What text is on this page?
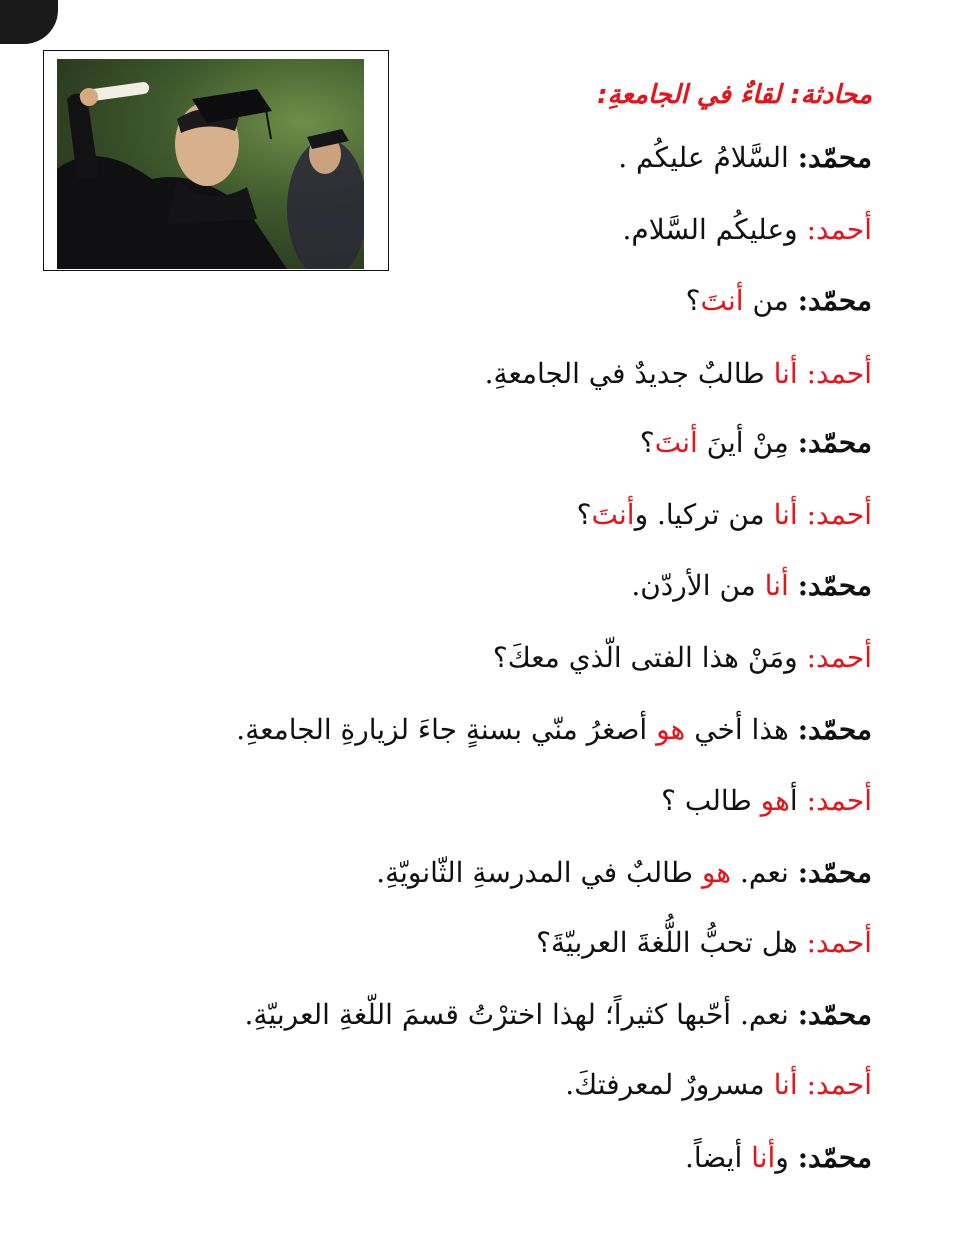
محادثة: لقاءٌ في الجامعةِ:
محمّد: السَّلامُ عليكُم .
أحمد: وعليكُم السَّلام.
محمّد: من أنتَ؟
أحمد: أنا طالبٌ جديدٌ في الجامعةِ.
محمّد: مِنْ أينَ أنتَ؟
أحمد: أنا من تركيا. وأنتَ؟
محمّد: أنا من الأردّن.
أحمد: ومَنْ هذا الفتى الّذي معكَ؟
محمّد: هذا أخي هو أصغرُ منّي بسنةٍ جاءَ لزيارةِ الجامعةِ.
أحمد: أهو طالب ؟
محمّد: نعم. هو طالبٌ في المدرسةِ الثّانويّةِ.
أحمد: هل تحبُّ اللُّغةَ العربيّةَ؟
محمّد: نعم. أحّبها كثيراً؛ لهذا اخترْتُ قسمَ اللّغةِ العربيّةِ.
أحمد: أنا مسرورٌ لمعرفتكَ.
محمّد: وأنا أيضاً.
